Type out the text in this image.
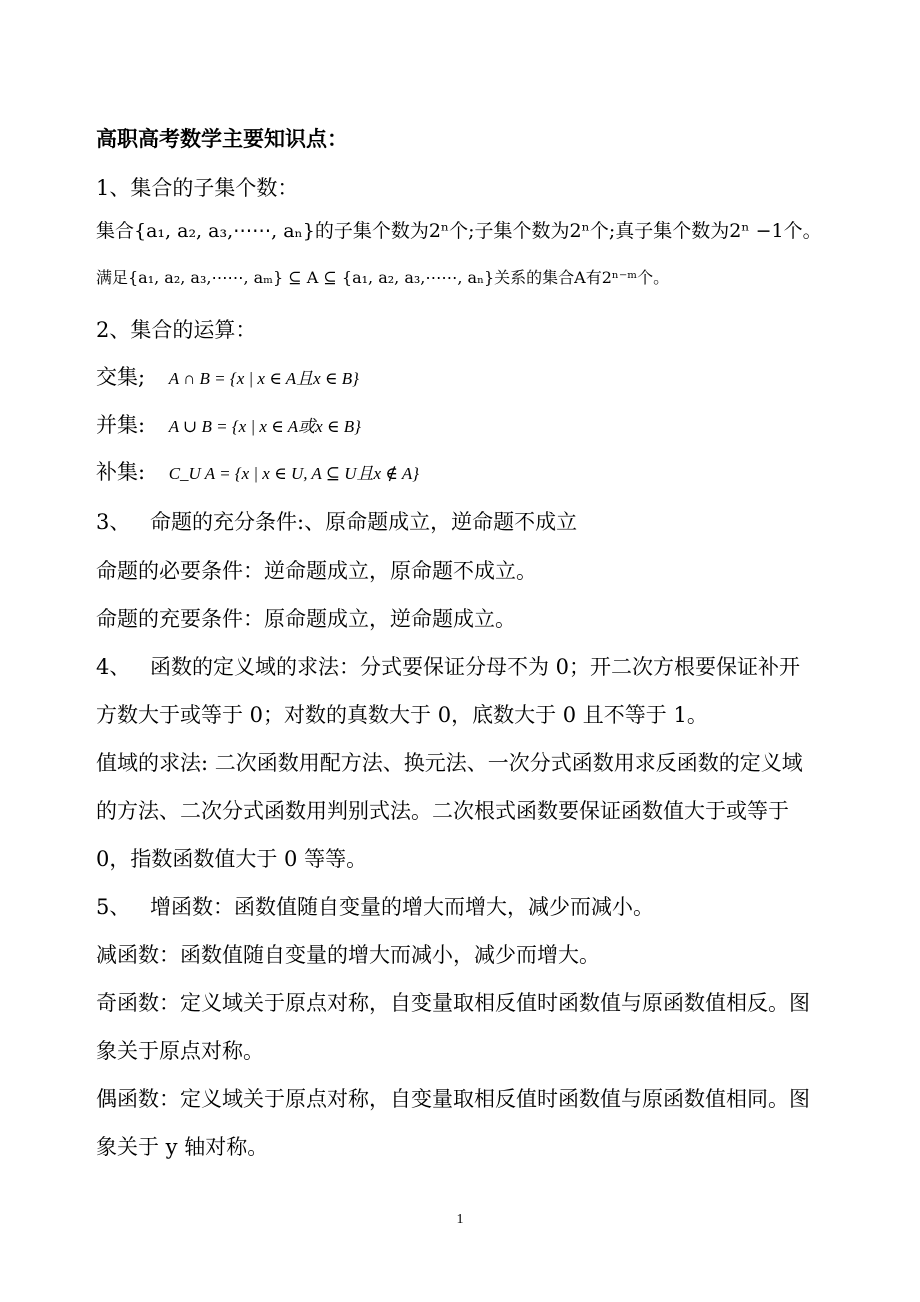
高职高考数学主要知识点：
1、集合的子集个数：
集合{a₁, a₂, a₃,⋯⋯, aₙ}的子集个数为2ⁿ个;子集个数为2ⁿ个;真子集个数为2ⁿ −1个。
满足{a₁, a₂, a₃,⋯⋯, aₘ} ⊆ A ⊆ {a₁, a₂, a₃,⋯⋯, aₙ}关系的集合A有2ⁿ⁻ᵐ个。
2、集合的运算：
交集; A ∩ B = {x | x ∈ A且x ∈ B}
并集: A ∪ B = {x | x ∈ A或x ∈ B}
补集: C_U A = {x | x ∈ U, A ⊆ U且x ∉ A}
3、 命题的充分条件:、原命题成立，逆命题不成立
命题的必要条件：逆命题成立，原命题不成立。
命题的充要条件：原命题成立，逆命题成立。
4、 函数的定义域的求法：分式要保证分母不为 0；开二次方根要保证补开
方数大于或等于 0；对数的真数大于 0，底数大于 0 且不等于 1。
值域的求法: 二次函数用配方法、换元法、一次分式函数用求反函数的定义域
的方法、二次分式函数用判别式法。二次根式函数要保证函数值大于或等于
0，指数函数值大于 0 等等。
5、 增函数：函数值随自变量的增大而增大，减少而减小。
减函数：函数值随自变量的增大而减小，减少而增大。
奇函数：定义域关于原点对称，自变量取相反值时函数值与原函数值相反。图
象关于原点对称。
偶函数：定义域关于原点对称，自变量取相反值时函数值与原函数值相同。图
象关于 y 轴对称。
1
